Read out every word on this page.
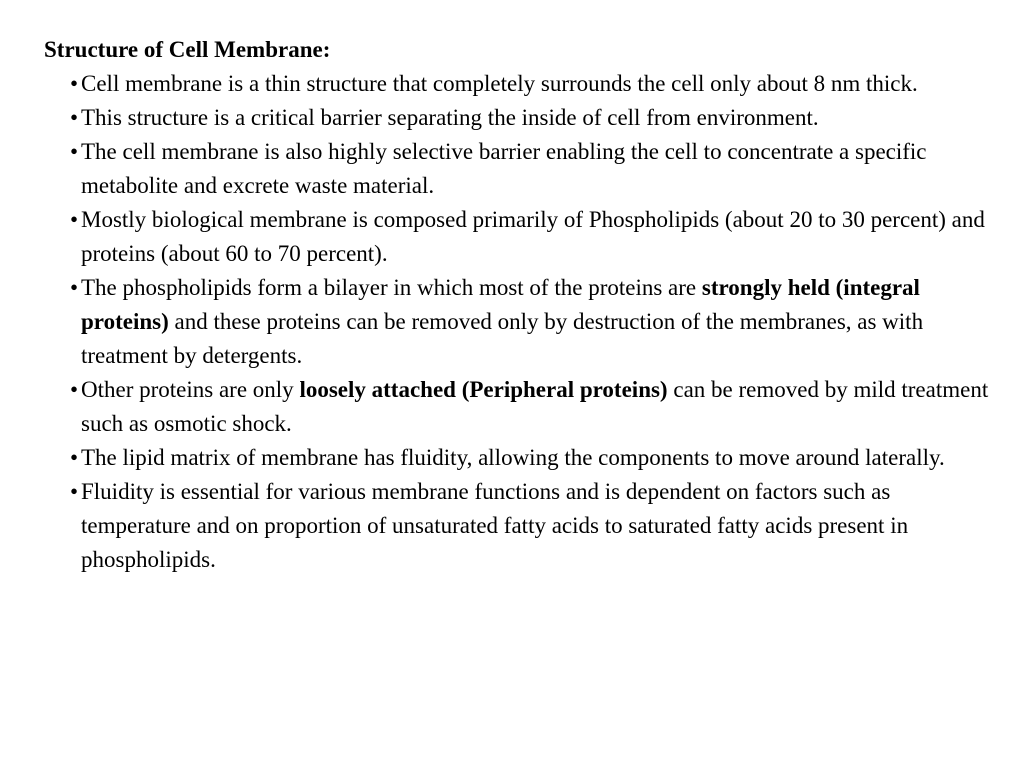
Structure of Cell Membrane:
• Cell membrane is a thin structure that completely surrounds the cell only about 8 nm thick.
• This structure is a critical barrier separating the inside of cell from environment.
• The cell membrane is also highly selective barrier enabling the cell to concentrate a specific metabolite and excrete waste material.
• Mostly biological membrane is composed primarily of Phospholipids (about 20 to 30 percent) and proteins (about 60 to 70 percent).
• The phospholipids form a bilayer in which most of the proteins are strongly held (integral proteins) and these proteins can be removed only by destruction of the membranes, as with treatment by detergents.
• Other proteins are only loosely attached (Peripheral proteins) can be removed by mild treatment such as osmotic shock.
• The lipid matrix of membrane has fluidity, allowing the components to move around laterally.
• Fluidity is essential for various membrane functions and is dependent on factors such as temperature and on proportion of unsaturated fatty acids to saturated fatty acids present in phospholipids.
